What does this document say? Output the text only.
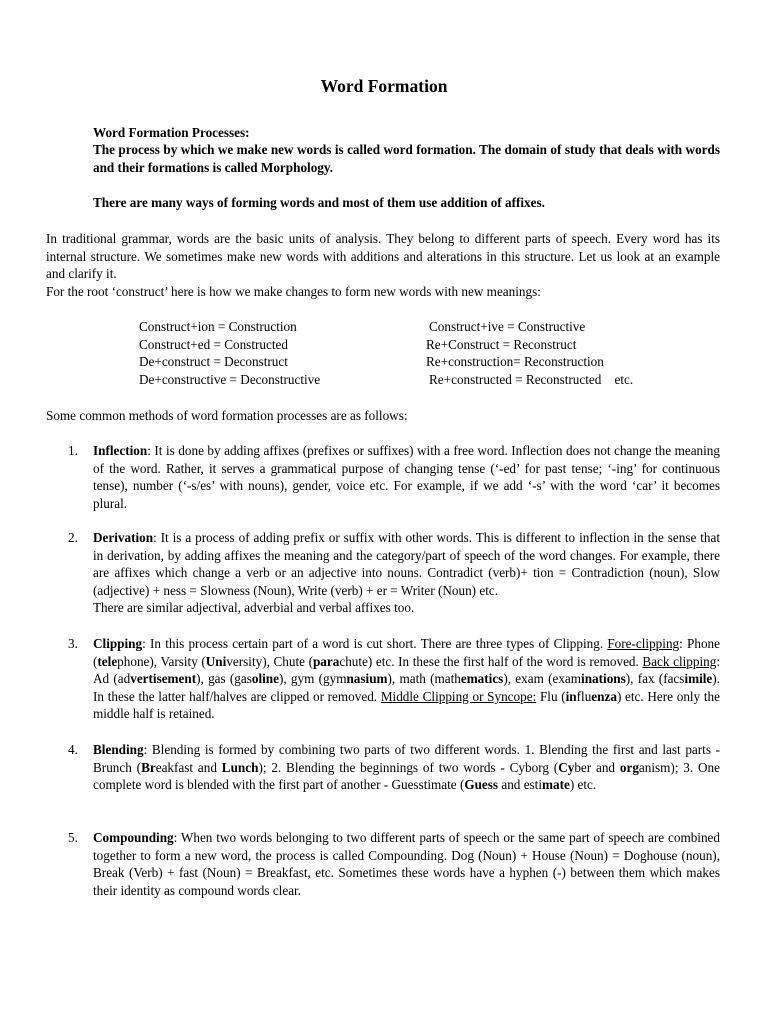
Word Formation
Word Formation Processes:
The process by which we make new words is called word formation. The domain of study that deals with words and their formations is called Morphology.
There are many ways of forming words and most of them use addition of affixes.
In traditional grammar, words are the basic units of analysis. They belong to different parts of speech. Every word has its internal structure. We sometimes make new words with additions and alterations in this structure. Let us look at an example and clarify it.
For the root ‘construct’ here is how we make changes to form new words with new meanings:
Construct+ion = Construction	Construct+ive = Constructive
Construct+ed = Constructed	Re+Construct = Reconstruct
De+construct = Deconstruct	Re+construction= Reconstruction
De+constructive = Deconstructive	Re+constructed = Reconstructed etc.
Some common methods of word formation processes are as follows:
1.	Inflection: It is done by adding affixes (prefixes or suffixes) with a free word. Inflection does not change the meaning of the word. Rather, it serves a grammatical purpose of changing tense (‘-ed’ for past tense; ‘-ing’ for continuous tense), number (‘-s/es’ with nouns), gender, voice etc. For example, if we add ‘-s’ with the word ‘car’ it becomes plural.
2.	Derivation: It is a process of adding prefix or suffix with other words. This is different to inflection in the sense that in derivation, by adding affixes the meaning and the category/part of speech of the word changes. For example, there are affixes which change a verb or an adjective into nouns. Contradict (verb)+ tion = Contradiction (noun), Slow (adjective) + ness = Slowness (Noun), Write (verb) + er = Writer (Noun) etc.
There are similar adjectival, adverbial and verbal affixes too.
3.	Clipping: In this process certain part of a word is cut short. There are three types of Clipping. Fore-clipping: Phone (telephone), Varsity (University), Chute (parachute) etc. In these the first half of the word is removed. Back clipping: Ad (advertisement), gas (gasoline), gym (gymnasium), math (mathematics), exam (examinations), fax (facsimile). In these the latter half/halves are clipped or removed. Middle Clipping or Syncope: Flu (influenza) etc. Here only the middle half is retained.
4.	Blending: Blending is formed by combining two parts of two different words. 1. Blending the first and last parts - Brunch (Breakfast and Lunch); 2. Blending the beginnings of two words - Cyborg (Cyber and organism); 3. One complete word is blended with the first part of another - Guesstimate (Guess and estimate) etc.
5.	Compounding: When two words belonging to two different parts of speech or the same part of speech are combined together to form a new word, the process is called Compounding. Dog (Noun) + House (Noun) = Doghouse (noun), Break (Verb) + fast (Noun) = Breakfast, etc. Sometimes these words have a hyphen (-) between them which makes their identity as compound words clear.
